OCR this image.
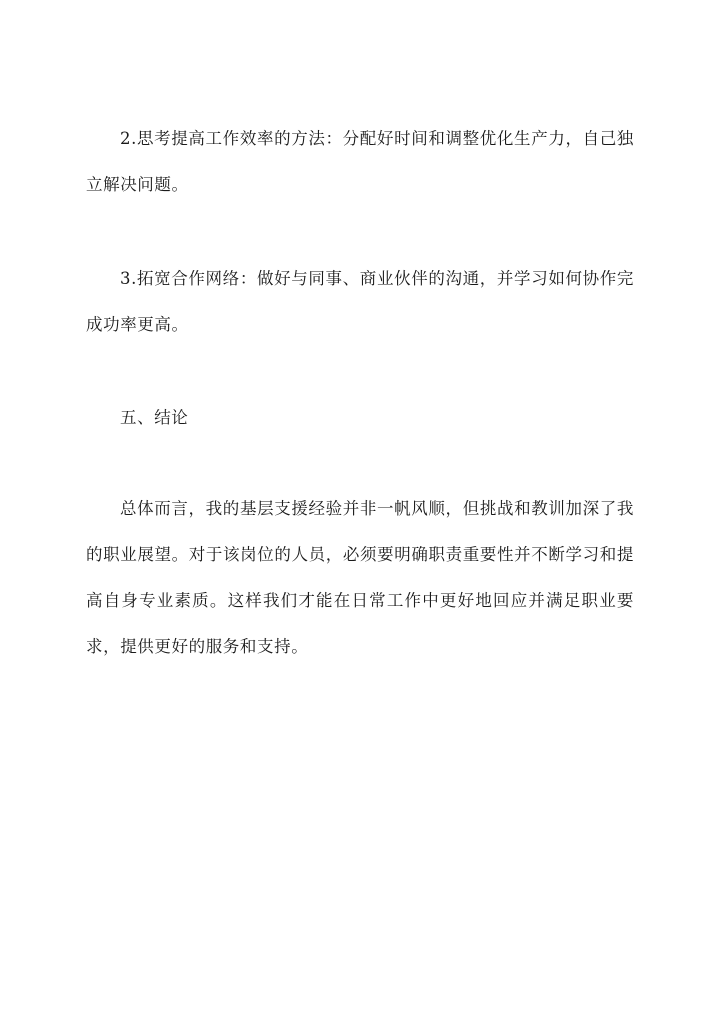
2.思考提高工作效率的方法：分配好时间和调整优化生产力，自己独立解决问题。

3.拓宽合作网络：做好与同事、商业伙伴的沟通，并学习如何协作完成功率更高。

五、结论

总体而言，我的基层支援经验并非一帆风顺，但挑战和教训加深了我的职业展望。对于该岗位的人员，必须要明确职责重要性并不断学习和提高自身专业素质。这样我们才能在日常工作中更好地回应并满足职业要求，提供更好的服务和支持。
